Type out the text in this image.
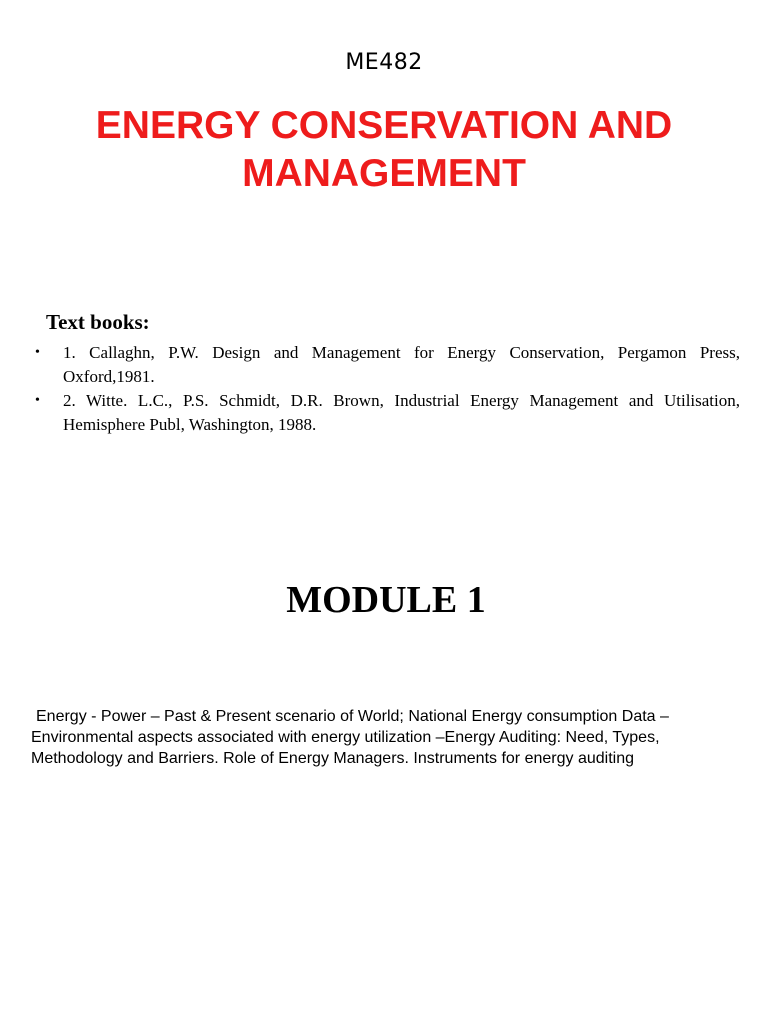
ME482
ENERGY CONSERVATION AND
MANAGEMENT
Text books:
• 1. Callaghn, P.W. Design and Management for Energy Conservation, Pergamon Press, Oxford,1981.
• 2. Witte. L.C., P.S. Schmidt, D.R. Brown, Industrial Energy Management and Utilisation, Hemisphere Publ, Washington, 1988.
MODULE 1

Energy - Power – Past & Present scenario of World; National Energy consumption Data – Environmental aspects associated with energy utilization –Energy Auditing: Need, Types, Methodology and Barriers. Role of Energy Managers. Instruments for energy auditing
